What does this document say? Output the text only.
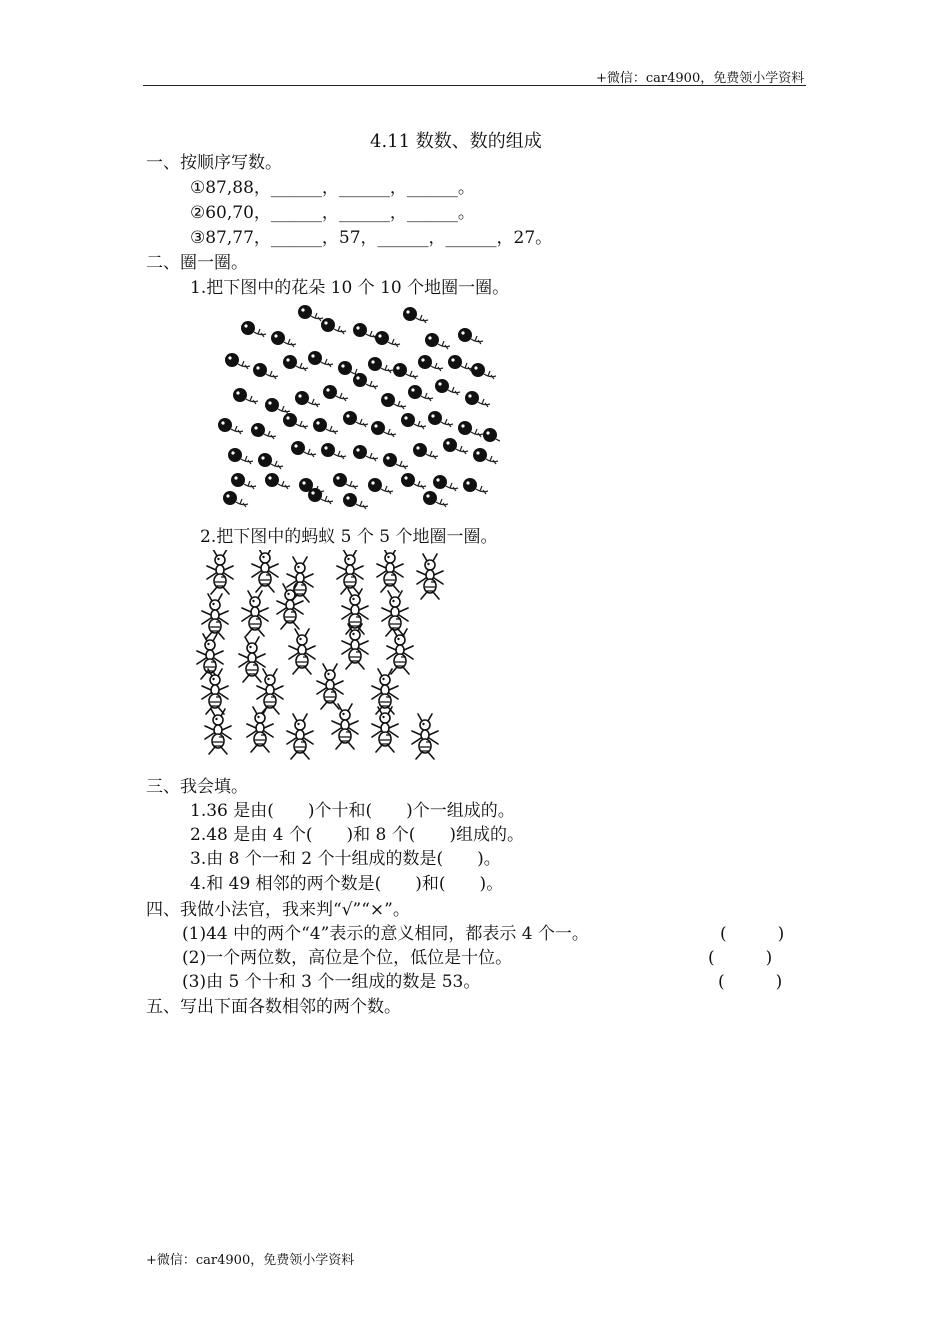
+微信：car4900，免费领小学资料
4.11 数数、数的组成
一、按顺序写数。
①87,88，______，______，______。
②60,70，______，______，______。
③87,77，______，57，______，______，27。
二、圈一圈。
1.把下图中的花朵 10 个 10 个地圈一圈。
2.把下图中的蚂蚁 5 个 5 个地圈一圈。
三、我会填。
1.36 是由(　　)个十和(　　)个一组成的。
2.48 是由 4 个(　　)和 8 个(　　)组成的。
3.由 8 个一和 2 个十组成的数是(　　)。
4.和 49 相邻的两个数是(　　)和(　　)。
四、我做小法官，我来判“√”“×”。
(1)44 中的两个“4”表示的意义相同，都表示 4 个一。	(　　　)
(2)一个两位数，高位是个位，低位是十位。	(　　　)
(3)由 5 个十和 3 个一组成的数是 53。	(　　　)
五、写出下面各数相邻的两个数。
+微信：car4900，免费领小学资料
